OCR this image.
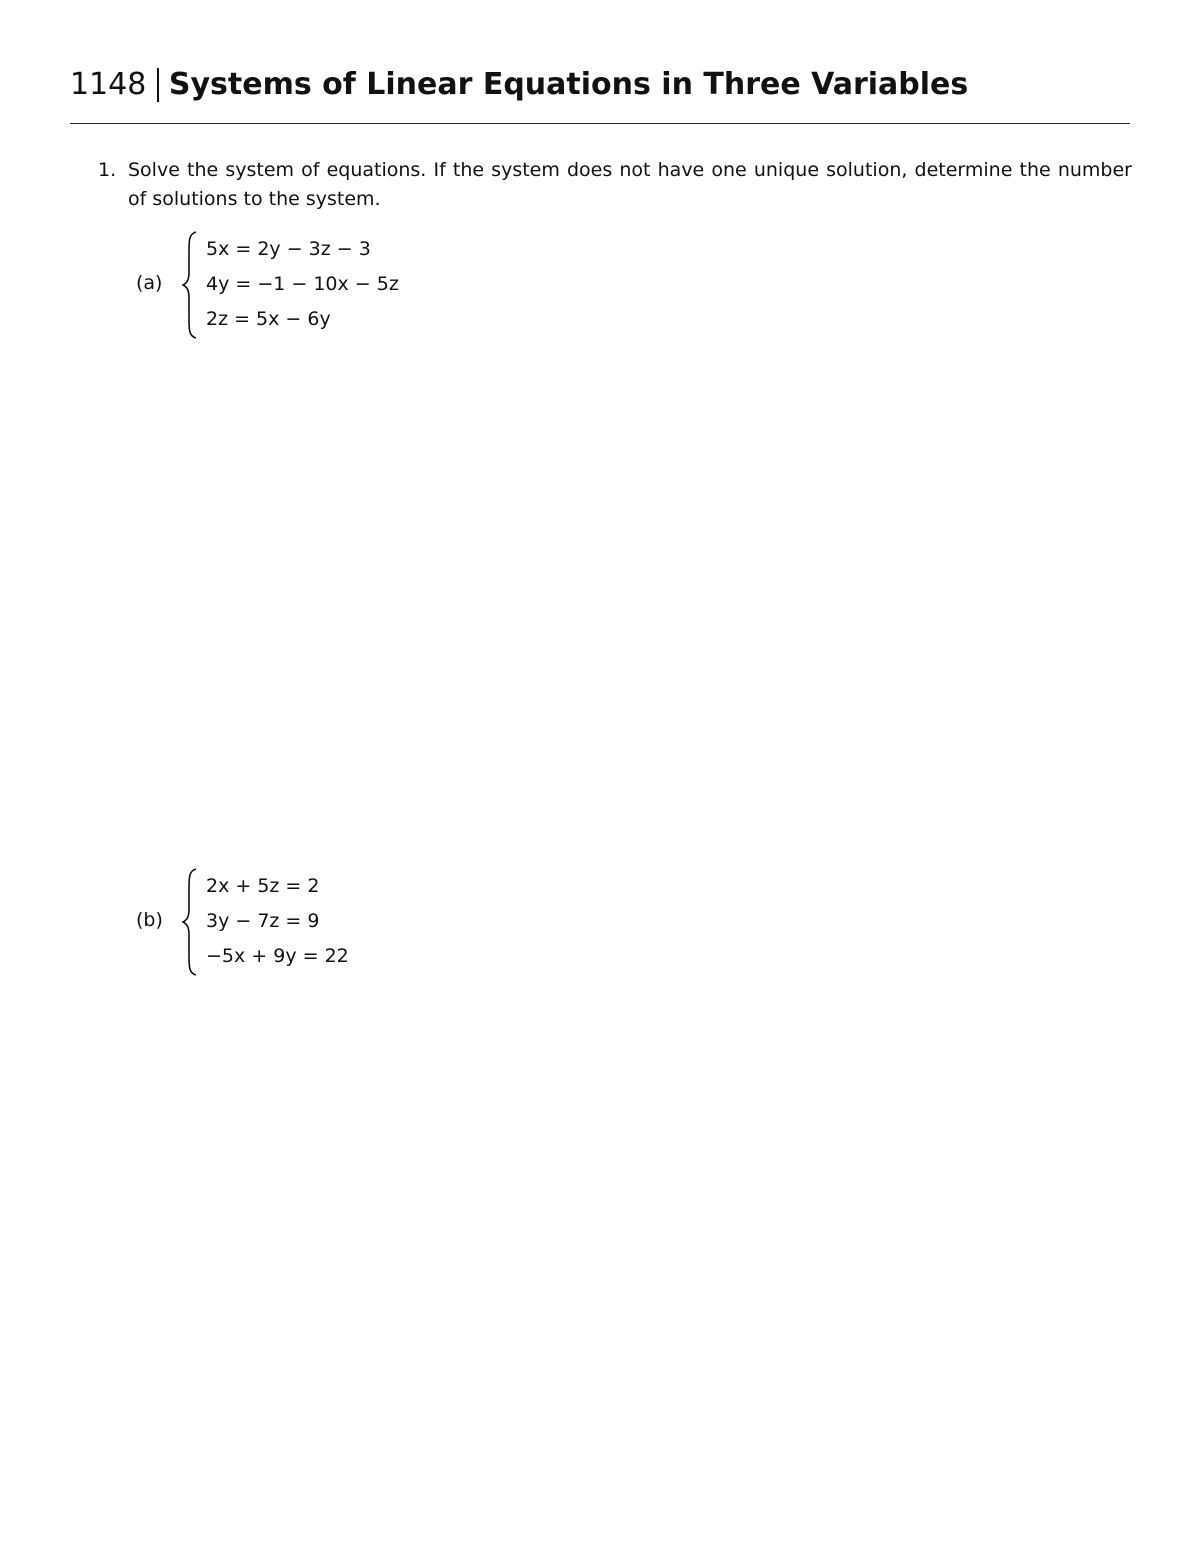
1148 Systems of Linear Equations in Three Variables
1. Solve the system of equations. If the system does not have one unique solution, determine the number of solutions to the system.
(a)
5x = 2y − 3z − 3
4y = −1 − 10x − 5z
2z = 5x − 6y
(b)
2x + 5z = 2
3y − 7z = 9
−5x + 9y = 22
